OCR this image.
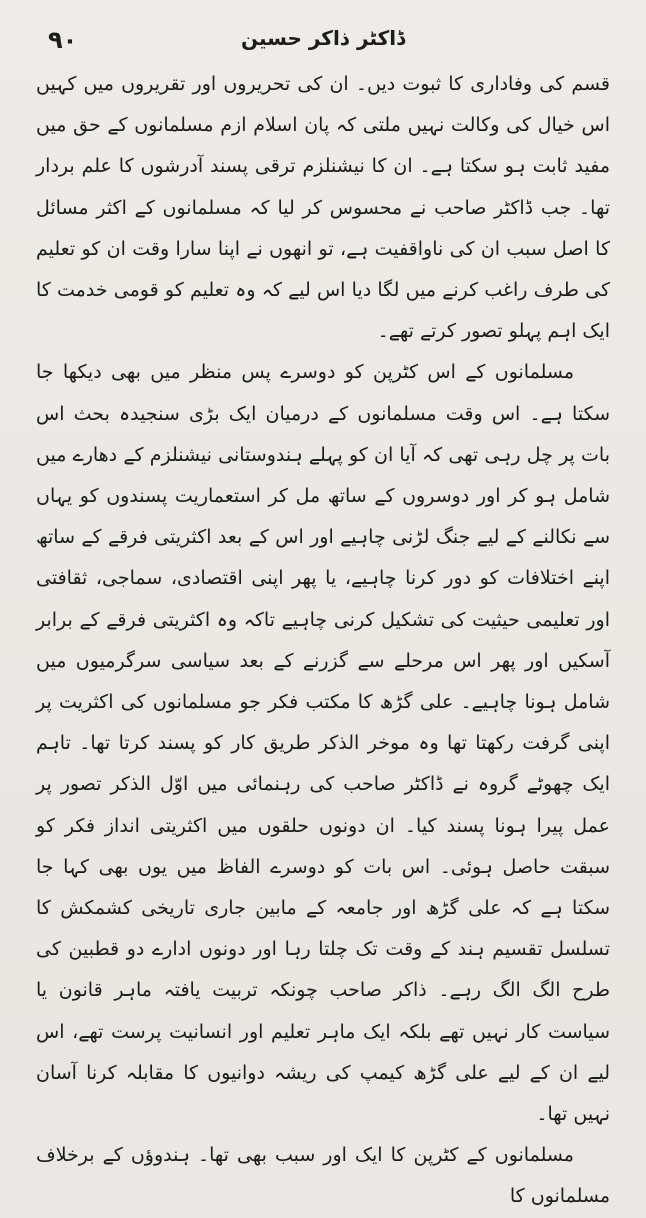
۹۰	ڈاکٹر ذاکر حسین

قسم کی وفاداری کا ثبوت دیں۔ ان کی تحریروں اور تقریروں میں کہیں اس خیال کی وکالت نہیں ملتی کہ پان اسلام ازم مسلمانوں کے حق میں مفید ثابت ہو سکتا ہے۔ ان کا نیشنلزم ترقی پسند آدرشوں کا علم بردار تھا۔ جب ڈاکٹر صاحب نے محسوس کر لیا کہ مسلمانوں کے اکثر مسائل کا اصل سبب ان کی ناواقفیت ہے، تو انھوں نے اپنا سارا وقت ان کو تعلیم کی طرف راغب کرنے میں لگا دیا اس لیے کہ وہ تعلیم کو قومی خدمت کا ایک اہم پہلو تصور کرتے تھے۔

مسلمانوں کے اس کٹرپن کو دوسرے پس منظر میں بھی دیکھا جا سکتا ہے۔ اس وقت مسلمانوں کے درمیان ایک بڑی سنجیدہ بحث اس بات پر چل رہی تھی کہ آیا ان کو پہلے ہندوستانی نیشنلزم کے دھارے میں شامل ہو کر اور دوسروں کے ساتھ مل کر استعماریت پسندوں کو یہاں سے نکالنے کے لیے جنگ لڑنی چاہیے اور اس کے بعد اکثریتی فرقے کے ساتھ اپنے اختلافات کو دور کرنا چاہیے، یا پھر اپنی اقتصادی، سماجی، ثقافتی اور تعلیمی حیثیت کی تشکیل کرنی چاہیے تاکہ وہ اکثریتی فرقے کے برابر آسکیں اور پھر اس مرحلے سے گزرنے کے بعد سیاسی سرگرمیوں میں شامل ہونا چاہیے۔ علی گڑھ کا مکتب فکر جو مسلمانوں کی اکثریت پر اپنی گرفت رکھتا تھا وہ موخر الذکر طریق کار کو پسند کرتا تھا۔ تاہم ایک چھوٹے گروہ نے ڈاکٹر صاحب کی رہنمائی میں اوّل الذکر تصور پر عمل پیرا ہونا پسند کیا۔ ان دونوں حلقوں میں اکثریتی انداز فکر کو سبقت حاصل ہوئی۔ اس بات کو دوسرے الفاظ میں یوں بھی کہا جا سکتا ہے کہ علی گڑھ اور جامعہ کے مابین جاری تاریخی کشمکش کا تسلسل تقسیم ہند کے وقت تک چلتا رہا اور دونوں ادارے دو قطبین کی طرح الگ الگ رہے۔ ذاکر صاحب چونکہ تربیت یافتہ ماہر قانون یا سیاست کار نہیں تھے بلکہ ایک ماہر تعلیم اور انسانیت پرست تھے، اس لیے ان کے لیے علی گڑھ کیمپ کی ریشہ دوانیوں کا مقابلہ کرنا آسان نہیں تھا۔

مسلمانوں کے کٹرپن کا ایک اور سبب بھی تھا۔ ہندوؤں کے برخلاف مسلمانوں کا
